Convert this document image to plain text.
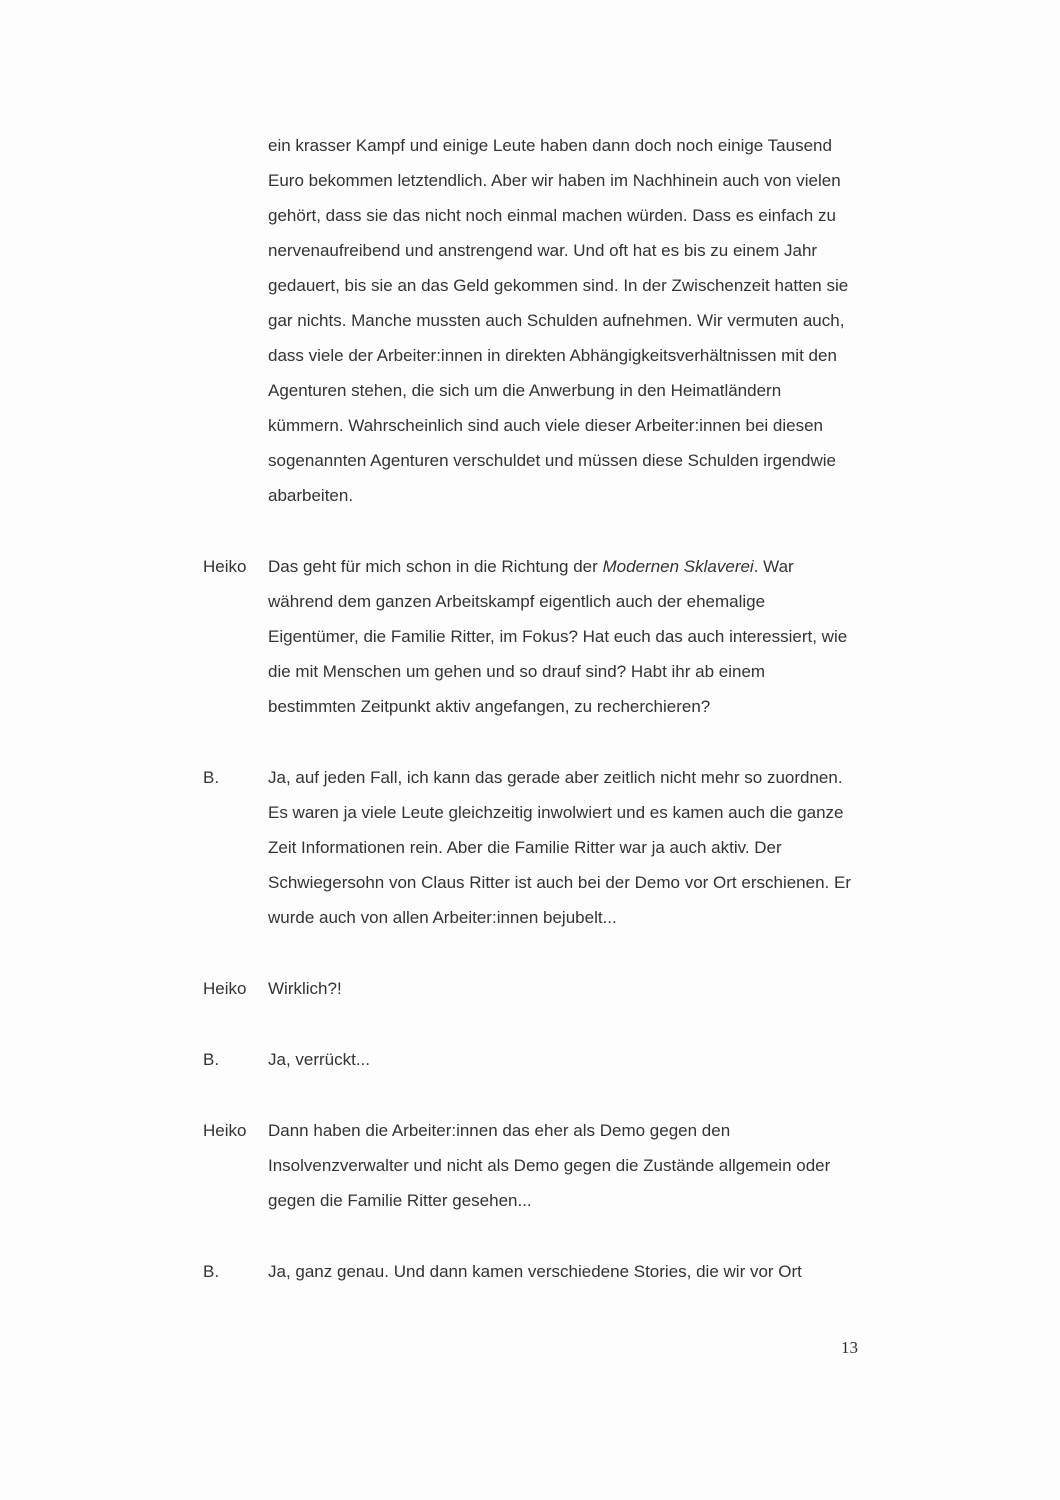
ein krasser Kampf und einige Leute haben dann doch noch einige Tausend
Euro bekommen letztendlich. Aber wir haben im Nachhinein auch von vielen
gehört, dass sie das nicht noch einmal machen würden. Dass es einfach zu
nervenaufreibend und anstrengend war. Und oft hat es bis zu einem Jahr
gedauert, bis sie an das Geld gekommen sind. In der Zwischenzeit hatten sie
gar nichts. Manche mussten auch Schulden aufnehmen. Wir vermuten auch,
dass viele der Arbeiter:innen in direkten Abhängigkeitsverhältnissen mit den
Agenturen stehen, die sich um die Anwerbung in den Heimatländern
kümmern. Wahrscheinlich sind auch viele dieser Arbeiter:innen bei diesen
sogenannten Agenturen verschuldet und müssen diese Schulden irgendwie
abarbeiten.
Heiko	Das geht für mich schon in die Richtung der Modernen Sklaverei. War
während dem ganzen Arbeitskampf eigentlich auch der ehemalige
Eigentümer, die Familie Ritter, im Fokus? Hat euch das auch interessiert, wie
die mit Menschen um gehen und so drauf sind? Habt ihr ab einem
bestimmten Zeitpunkt aktiv angefangen, zu recherchieren?
B.	Ja, auf jeden Fall, ich kann das gerade aber zeitlich nicht mehr so zuordnen.
Es waren ja viele Leute gleichzeitig inwolwiert und es kamen auch die ganze
Zeit Informationen rein. Aber die Familie Ritter war ja auch aktiv. Der
Schwiegersohn von Claus Ritter ist auch bei der Demo vor Ort erschienen. Er
wurde auch von allen Arbeiter:innen bejubelt...
Heiko	Wirklich?!
B.	Ja, verrückt...
Heiko	Dann haben die Arbeiter:innen das eher als Demo gegen den
Insolvenzverwalter und nicht als Demo gegen die Zustände allgemein oder
gegen die Familie Ritter gesehen...
B.	Ja, ganz genau. Und dann kamen verschiedene Stories, die wir vor Ort
13
